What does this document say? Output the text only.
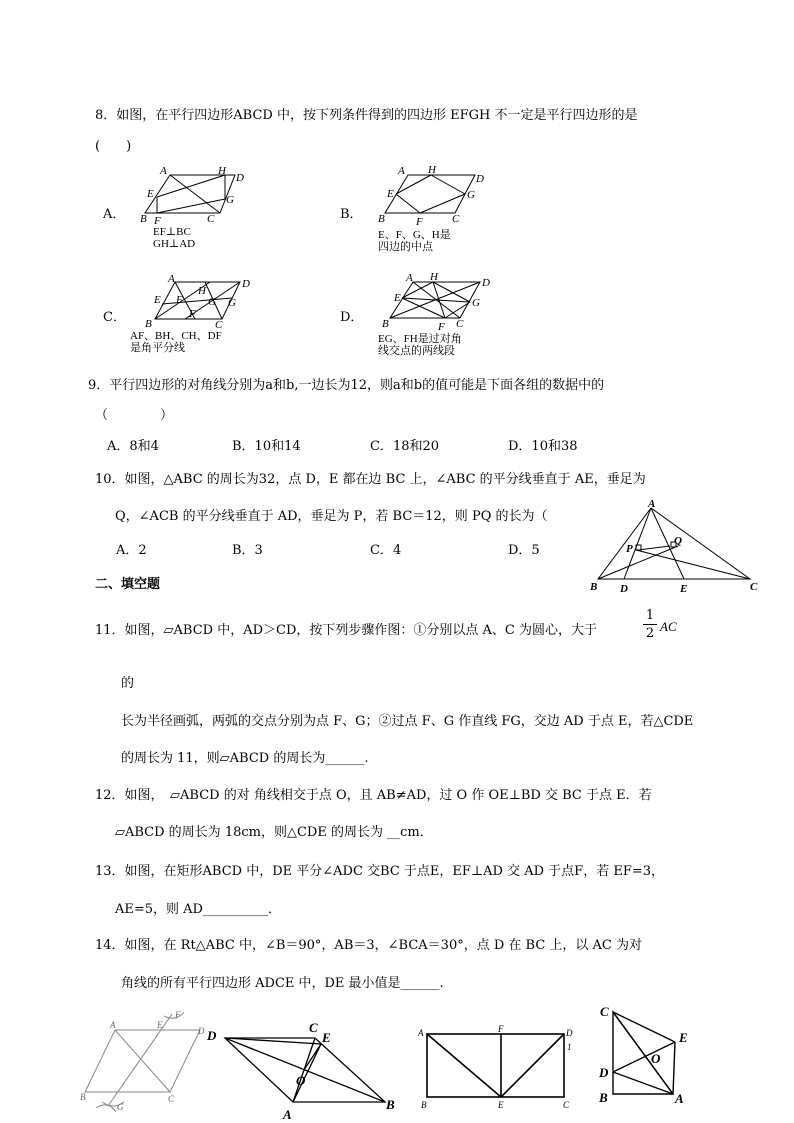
8．如图，在平行四边形ABCD 中，按下列条件得到的四边形 EFGH 不一定是平行四边形的是
(　　)
A．
A	H
D
E	G
B F	C
EF⊥BC
GH⊥AD
B．
A H
D
E	G
B	F	C
E、F、G、H是
四边的中点
C．
A	D
H
E F G G
F
B	C
AF、BH、CH、DF
是角平分线
D．
A H	D
E	G
B	F C
EG、FH是过对角
线交点的两线段
9．平行四边形的对角线分别为a和b,一边长为12，则a和b的值可能是下面各组的数据中的
（　　　　）
A．8和4	B．10和14	C．18和20	D．10和38
10．如图，△ABC 的周长为32，点 D，E 都在边 BC 上，∠ABC 的平分线垂直于 AE，垂足为
Q，∠ACB 的平分线垂直于 AD，垂足为 P，若 BC＝12，则 PQ 的长为（
A．2	B．3	C．4	D．5
A
P
Q
B D	E	C
二、填空题
11．如图，▱ABCD 中，AD＞CD，按下列步骤作图：①分别以点 A、C 为圆心，大于
1
2 AC
的
长为半径画弧，两弧的交点分别为点 F、G；②过点 F、G 作直线 FG，交边 AD 于点 E，若△CDE
的周长为 11，则▱ABCD 的周长为______.
12．如图，　▱ABCD 的对 角线相交于点 O，且 AB≠AD，过 O 作 OE⊥BD 交 BC 于点 E．若
▱ABCD 的周长为 18cm，则△CDE 的周长为 __cm．
13．如图，在矩形ABCD 中，DE 平分∠ADC 交BC 于点E，EF⊥AD 交 AD 于点F，若 EF=3，
AE=5，则 AD__________．
14．如图，在 Rt△ABC 中，∠B＝90°，AB＝3，∠BCA＝30°，点 D 在 BC 上，以 AC 为对
角线的所有平行四边形 ADCE 中，DE 最小值是______.
A	E
F
D
B	C
G
D
C
E
O
A
B
A	F	D
1
B	E	C
C
E
O
D
B	A
